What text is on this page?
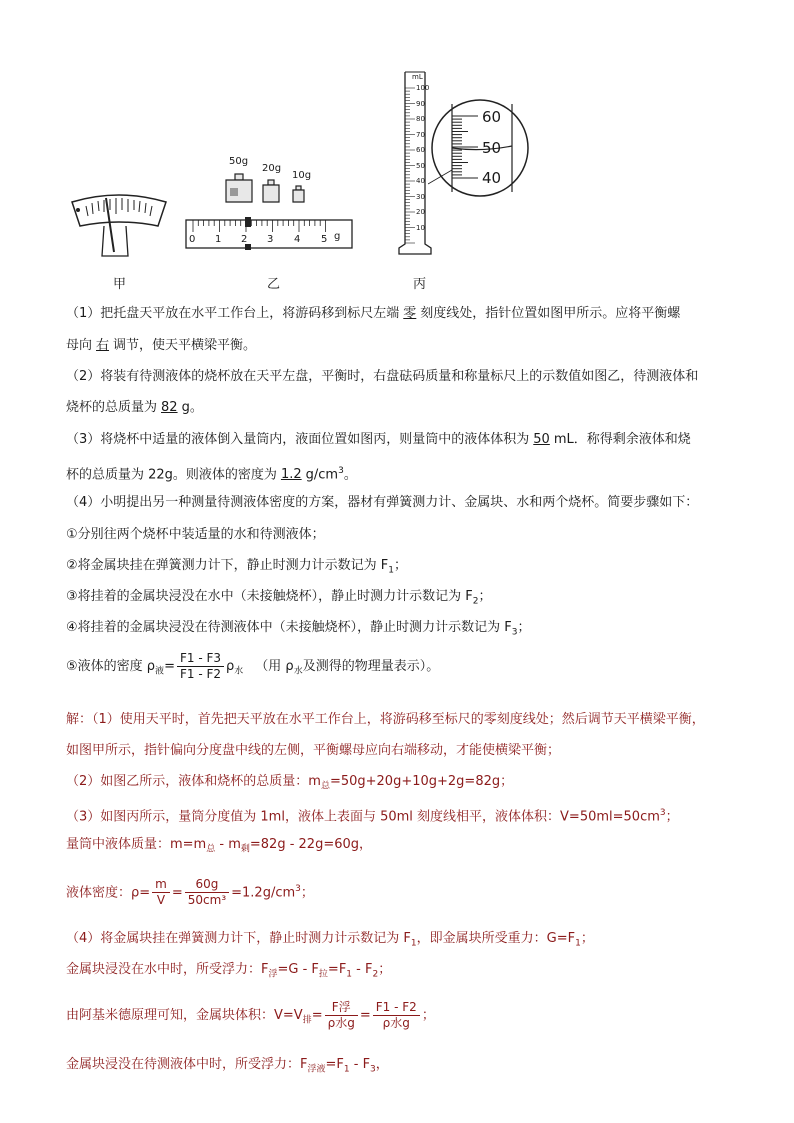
甲
50g
20g
10g
0 1 2 3 4 5 g
乙
mL
100
90
80
70
60
50
40
30
20
10
60
50
40
丙
（1）把托盘天平放在水平工作台上，将游码移到标尺左端 零 刻度线处，指针位置如图甲所示。应将平衡螺
母向 右 调节，使天平横梁平衡。
（2）将装有待测液体的烧杯放在天平左盘，平衡时，右盘砝码质量和称量标尺上的示数值如图乙，待测液体和
烧杯的总质量为 82 g。
（3）将烧杯中适量的液体倒入量筒内，液面位置如图丙，则量筒中的液体体积为 50 mL．称得剩余液体和烧
杯的总质量为 22g。则液体的密度为 1.2 $g/cm^3$。
（4）小明提出另一种测量待测液体密度的方案，器材有弹簧测力计、金属块、水和两个烧杯。简要步骤如下：
①分别往两个烧杯中装适量的水和待测液体；
②将金属块挂在弹簧测力计下，静止时测力计示数记为 $F_1$；
③将挂着的金属块浸没在水中（未接触烧杯），静止时测力计示数记为 $F_2$；
④将挂着的金属块浸没在待测液体中（未接触烧杯），静止时测力计示数记为 $F_3$；
⑤液体的密度 $\rho_液= \frac{F1 - F3}{F1 - F2} \rho_水$ （用 $\rho_水$及测得的物理量表示）。
解：（1）使用天平时，首先把天平放在水平工作台上，将游码移至标尺的零刻度线处；然后调节天平横梁平衡，
如图甲所示，指针偏向分度盘中线的左侧，平衡螺母应向右端移动，才能使横梁平衡；
（2）如图乙所示，液体和烧杯的总质量：$m_总=50g+20g+10g+2g=82g$；
（3）如图丙所示，量筒分度值为 1ml，液体上表面与 50ml 刻度线相平，液体体积：$V=50ml=50cm^3$；
量筒中液体质量：$m=m_总 - m_剩=82g - 22g=60g$，
液体密度：$\rho= \frac{m}{V} = \frac{60g}{\text{50cm³}} =1.2g/cm^3$；
（4）将金属块挂在弹簧测力计下，静止时测力计示数记为 $F_1$，即金属块所受重力：$G=F_1$；
金属块浸没在水中时，所受浮力：$F_浮=G - F_拉=F_1 - F_2$；
由阿基米德原理可知，金属块体积：$V=V_排= \frac{\text{F浮}}{\text{ρ水g}} = \frac{F1 - F2}{\text{ρ水g}}$ ；
金属块浸没在待测液体中时，所受浮力：$F_{浮液}=F_1 - F_3$，
